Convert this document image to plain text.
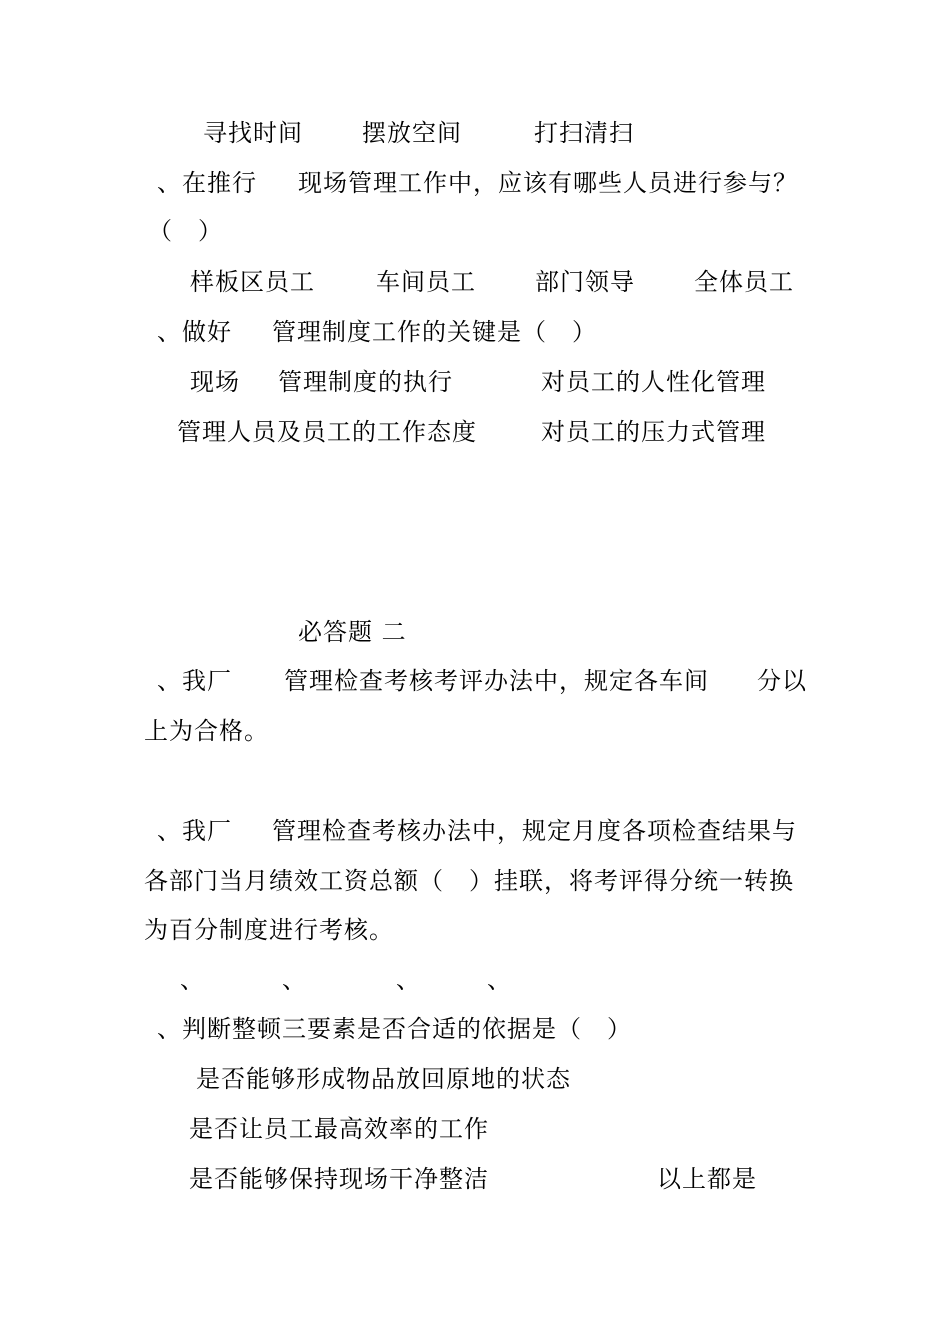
寻找时间 摆放空间	打扫清扫
、在推行 现场管理工作中，应该有哪些人员进行参与？
（　）
样板区员工	车间员工 部门领导 全体员工
、做好 管理制度工作的关键是（　）
现场 管理制度的执行	对员工的人性化管理
管理人员及员工的工作态度	对员工的压力式管理
必答题 二
、我厂 管理检查考核考评办法中，规定各车间 分以
上为合格。
、我厂 管理检查考核办法中，规定月度各项检查结果与
各部门当月绩效工资总额（　）挂联，将考评得分统一转换
为百分制度进行考核。
、	、	、	、
、判断整顿三要素是否合适的依据是（　）
是否能够形成物品放回原地的状态
是否让员工最高效率的工作
是否能够保持现场干净整洁	以上都是
